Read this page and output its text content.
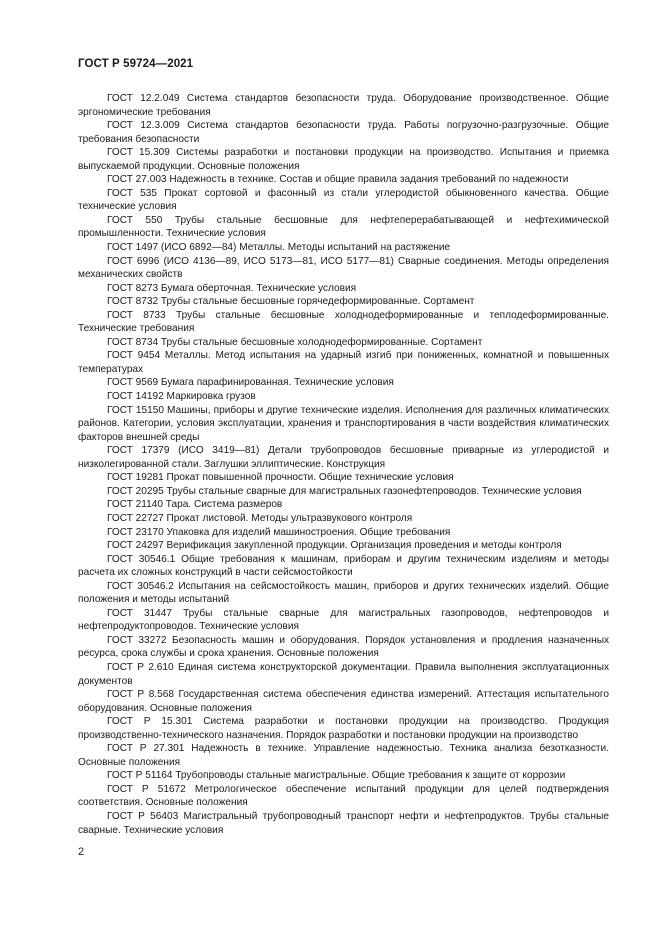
ГОСТ Р 59724—2021

ГОСТ 12.2.049 Система стандартов безопасности труда. Оборудование производственное. Общие эргономические требования

ГОСТ 12.3.009 Система стандартов безопасности труда. Работы погрузочно-разгрузочные. Общие требования безопасности

ГОСТ 15.309 Системы разработки и постановки продукции на производство. Испытания и приемка выпускаемой продукции. Основные положения

ГОСТ 27.003 Надежность в технике. Состав и общие правила задания требований по надежности

ГОСТ 535 Прокат сортовой и фасонный из стали углеродистой обыкновенного качества. Общие технические условия

ГОСТ 550 Трубы стальные бесшовные для нефтеперерабатывающей и нефтехимической промышленности. Технические условия

ГОСТ 1497 (ИСО 6892—84) Металлы. Методы испытаний на растяжение

ГОСТ 6996 (ИСО 4136—89, ИСО 5173—81, ИСО 5177—81) Сварные соединения. Методы определения механических свойств

ГОСТ 8273 Бумага оберточная. Технические условия

ГОСТ 8732 Трубы стальные бесшовные горячедеформированные. Сортамент

ГОСТ 8733 Трубы стальные бесшовные холоднодеформированные и теплодеформированные. Технические требования

ГОСТ 8734 Трубы стальные бесшовные холоднодеформированные. Сортамент

ГОСТ 9454 Металлы. Метод испытания на ударный изгиб при пониженных, комнатной и повышенных температурах

ГОСТ 9569 Бумага парафинированная. Технические условия

ГОСТ 14192 Маркировка грузов

ГОСТ 15150 Машины, приборы и другие технические изделия. Исполнения для различных климатических районов. Категории, условия эксплуатации, хранения и транспортирования в части воздействия климатических факторов внешней среды

ГОСТ 17379 (ИСО 3419—81) Детали трубопроводов бесшовные приварные из углеродистой и низколегированной стали. Заглушки эллиптические. Конструкция

ГОСТ 19281 Прокат повышенной прочности. Общие технические условия

ГОСТ 20295 Трубы стальные сварные для магистральных газонефтепроводов. Технические условия

ГОСТ 21140 Тара. Система размеров

ГОСТ 22727 Прокат листовой. Методы ультразвукового контроля

ГОСТ 23170 Упаковка для изделий машиностроения. Общие требования

ГОСТ 24297 Верификация закупленной продукции. Организация проведения и методы контроля

ГОСТ 30546.1 Общие требования к машинам, приборам и другим техническим изделиям и методы расчета их сложных конструкций в части сейсмостойкости

ГОСТ 30546.2 Испытания на сейсмостойкость машин, приборов и других технических изделий. Общие положения и методы испытаний

ГОСТ 31447 Трубы стальные сварные для магистральных газопроводов, нефтепроводов и нефтепродуктопроводов. Технические условия

ГОСТ 33272 Безопасность машин и оборудования. Порядок установления и продления назначенных ресурса, срока службы и срока хранения. Основные положения

ГОСТ Р 2.610 Единая система конструкторской документации. Правила выполнения эксплуатационных документов

ГОСТ Р 8.568 Государственная система обеспечения единства измерений. Аттестация испытательного оборудования. Основные положения

ГОСТ Р 15.301 Система разработки и постановки продукции на производство. Продукция производственно-технического назначения. Порядок разработки и постановки продукции на производство

ГОСТ Р 27.301 Надежность в технике. Управление надежностью. Техника анализа безотказности. Основные положения

ГОСТ Р 51164 Трубопроводы стальные магистральные. Общие требования к защите от коррозии

ГОСТ Р 51672 Метрологическое обеспечение испытаний продукции для целей подтверждения соответствия. Основные положения

ГОСТ Р 56403 Магистральный трубопроводный транспорт нефти и нефтепродуктов. Трубы стальные сварные. Технические условия

2
